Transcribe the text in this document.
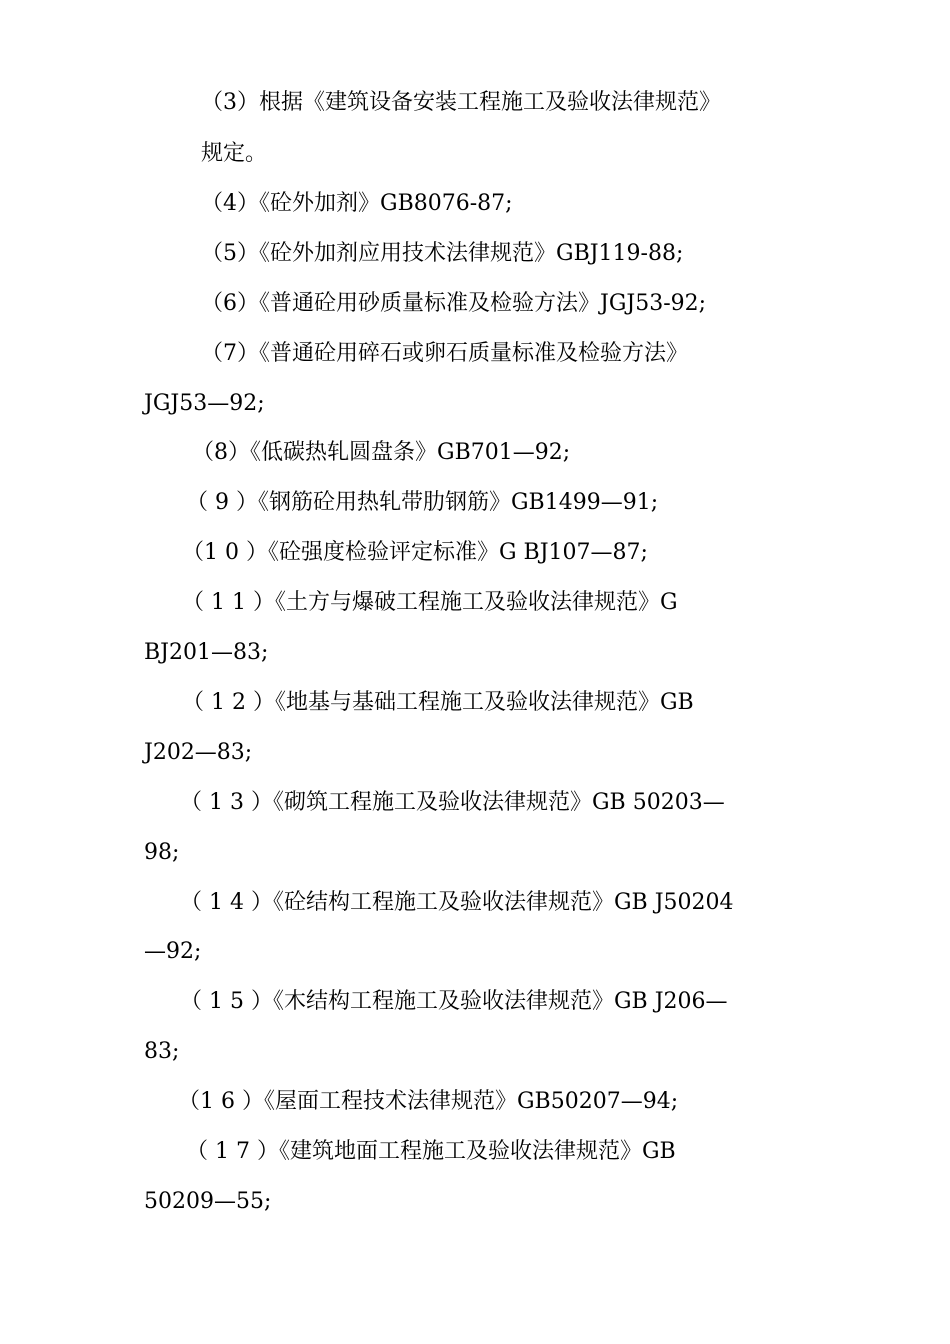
（3）根据《建筑设备安装工程施工及验收法律规范》
规定。
（4）《砼外加剂》GB8076-87;
（5）《砼外加剂应用技术法律规范》GBJ119-88;
（6）《普通砼用砂质量标准及检验方法》JGJ53-92;
（7）《普通砼用碎石或卵石质量标准及检验方法》
JGJ53—92;
（8）《低碳热轧圆盘条》GB701—92;
（ 9 ）《钢筋砼用热轧带肋钢筋》GB1499—91;
（1 0 ）《砼强度检验评定标准》G BJ107—87;
（ 1 1 ）《土方与爆破工程施工及验收法律规范》G
BJ201—83;
（ 1 2 ）《地基与基础工程施工及验收法律规范》GB
J202—83;
（ 1 3 ）《砌筑工程施工及验收法律规范》GB 50203—
98;
（ 1 4 ）《砼结构工程施工及验收法律规范》GB J50204
—92;
（ 1 5 ）《木结构工程施工及验收法律规范》GB J206—
83;
（1 6 ）《屋面工程技术法律规范》GB50207—94;
（ 1 7 ）《建筑地面工程施工及验收法律规范》GB
50209—55;
